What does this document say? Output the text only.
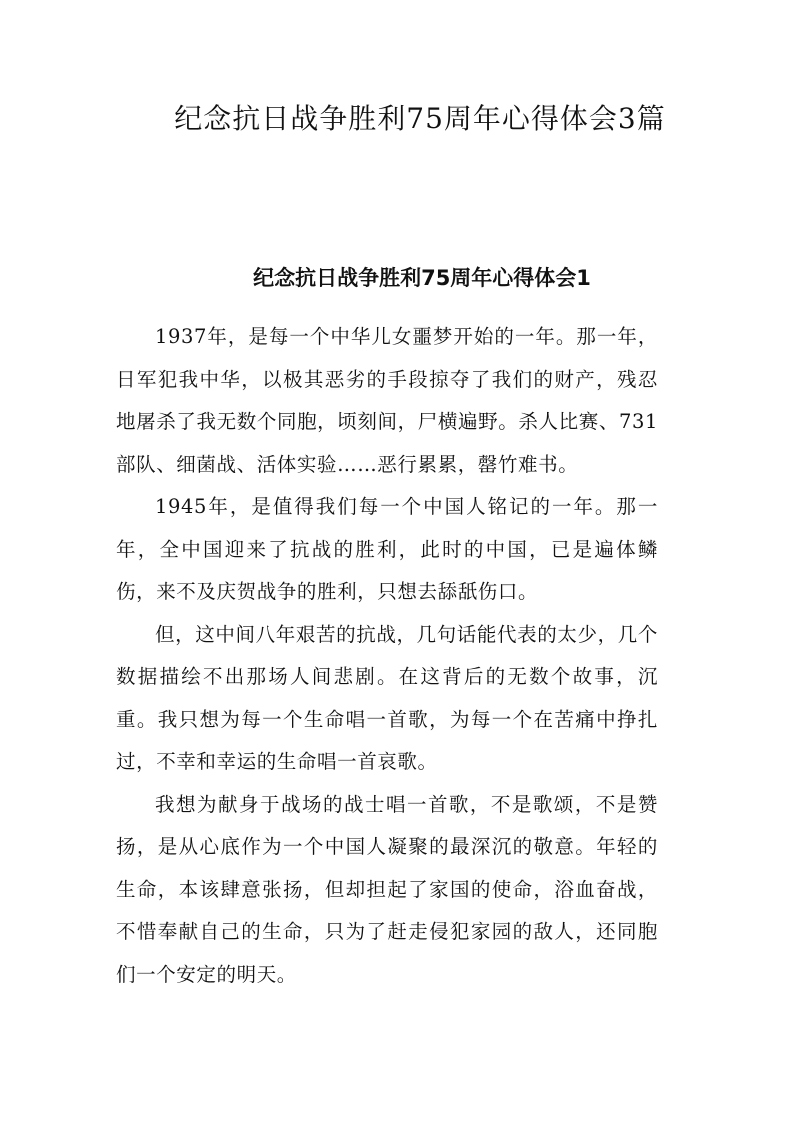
纪念抗日战争胜利75周年心得体会3篇
纪念抗日战争胜利75周年心得体会1

1937年，是每一个中华儿女噩梦开始的一年。那一年，日军犯我中华，以极其恶劣的手段掠夺了我们的财产，残忍地屠杀了我无数个同胞，顷刻间，尸横遍野。杀人比赛、731部队、细菌战、活体实验……恶行累累，罄竹难书。

1945年，是值得我们每一个中国人铭记的一年。那一年，全中国迎来了抗战的胜利，此时的中国，已是遍体鳞伤，来不及庆贺战争的胜利，只想去舔舐伤口。

但，这中间八年艰苦的抗战，几句话能代表的太少，几个数据描绘不出那场人间悲剧。在这背后的无数个故事，沉重。我只想为每一个生命唱一首歌，为每一个在苦痛中挣扎过，不幸和幸运的生命唱一首哀歌。

我想为献身于战场的战士唱一首歌，不是歌颂，不是赞扬，是从心底作为一个中国人凝聚的最深沉的敬意。年轻的生命，本该肆意张扬，但却担起了家国的使命，浴血奋战，不惜奉献自己的生命，只为了赶走侵犯家园的敌人，还同胞们一个安定的明天。
